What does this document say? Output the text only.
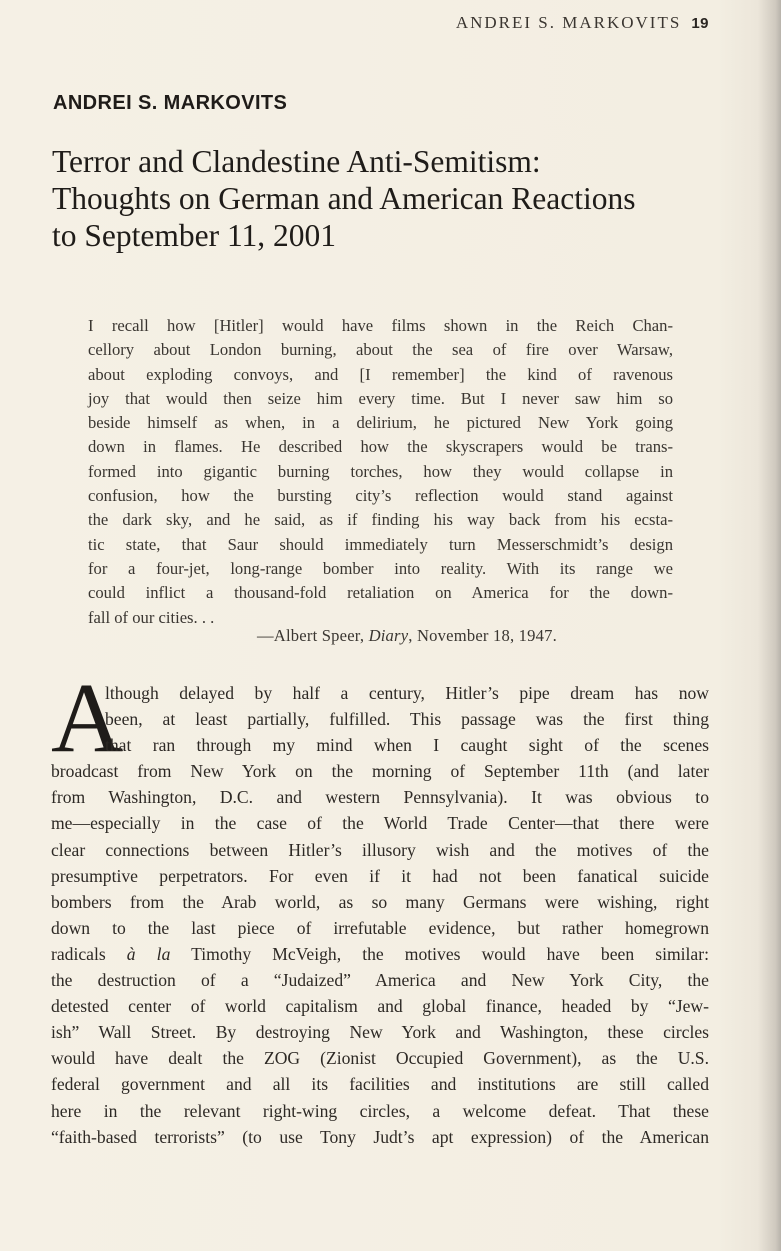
ANDREI S. MARKOVITS 19
ANDREI S. MARKOVITS
Terror and Clandestine Anti-Semitism:
Thoughts on German and American Reactions
to September 11, 2001
I recall how [Hitler] would have films shown in the Reich Chan-
cellory about London burning, about the sea of fire over Warsaw,
about exploding convoys, and [I remember] the kind of ravenous
joy that would then seize him every time. But I never saw him so
beside himself as when, in a delirium, he pictured New York going
down in flames. He described how the skyscrapers would be trans-
formed into gigantic burning torches, how they would collapse in
confusion, how the bursting city’s reflection would stand against
the dark sky, and he said, as if finding his way back from his ecsta-
tic state, that Saur should immediately turn Messerschmidt’s design
for a four-jet, long-range bomber into reality. With its range we
could inflict a thousand-fold retaliation on America for the down-
fall of our cities. . .
—Albert Speer, Diary, November 18, 1947.
A
lthough delayed by half a century, Hitler’s pipe dream has now
been, at least partially, fulfilled. This passage was the first thing
that ran through my mind when I caught sight of the scenes
broadcast from New York on the morning of September 11th (and later
from Washington, D.C. and western Pennsylvania). It was obvious to
me—especially in the case of the World Trade Center—that there were
clear connections between Hitler’s illusory wish and the motives of the
presumptive perpetrators. For even if it had not been fanatical suicide
bombers from the Arab world, as so many Germans were wishing, right
down to the last piece of irrefutable evidence, but rather homegrown
radicals à la Timothy McVeigh, the motives would have been similar:
the destruction of a “Judaized” America and New York City, the
detested center of world capitalism and global finance, headed by “Jew-
ish” Wall Street. By destroying New York and Washington, these circles
would have dealt the ZOG (Zionist Occupied Government), as the U.S.
federal government and all its facilities and institutions are still called
here in the relevant right-wing circles, a welcome defeat. That these
“faith-based terrorists” (to use Tony Judt’s apt expression) of the American
